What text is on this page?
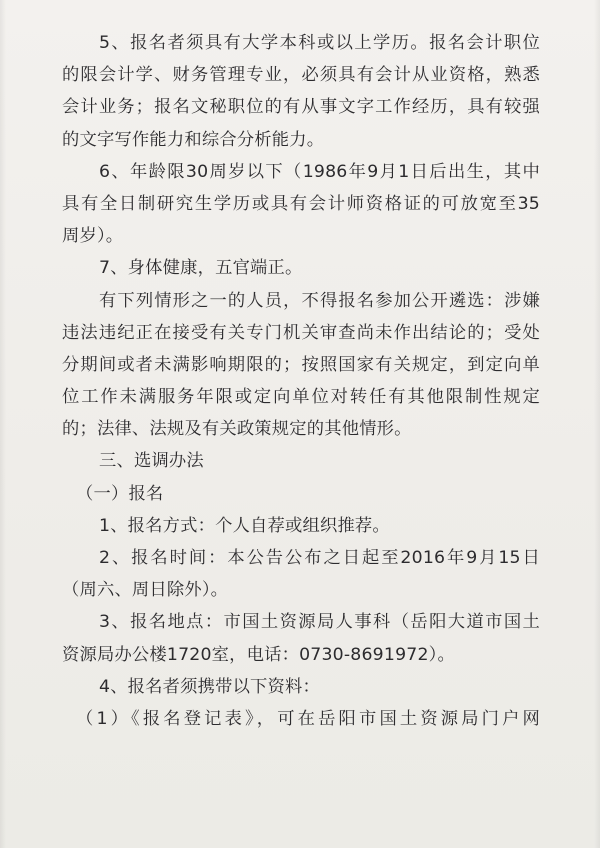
5、报名者须具有大学本科或以上学历。报名会计职位
的限会计学、财务管理专业，必须具有会计从业资格，熟悉
会计业务；报名文秘职位的有从事文字工作经历，具有较强
的文字写作能力和综合分析能力。
6、年龄限30周岁以下（1986年9月1日后出生，其中
具有全日制研究生学历或具有会计师资格证的可放宽至35
周岁）。
7、身体健康，五官端正。
有下列情形之一的人员，不得报名参加公开遴选：涉嫌
违法违纪正在接受有关专门机关审查尚未作出结论的；受处
分期间或者未满影响期限的；按照国家有关规定，到定向单
位工作未满服务年限或定向单位对转任有其他限制性规定
的；法律、法规及有关政策规定的其他情形。
三、选调办法
（一）报名
1、报名方式：个人自荐或组织推荐。
2、报名时间：本公告公布之日起至2016年9月15日
（周六、周日除外）。
3、报名地点：市国土资源局人事科（岳阳大道市国土
资源局办公楼1720室，电话：0730-8691972）。
4、报名者须携带以下资料：
（1）《报名登记表》，可在岳阳市国土资源局门户网
